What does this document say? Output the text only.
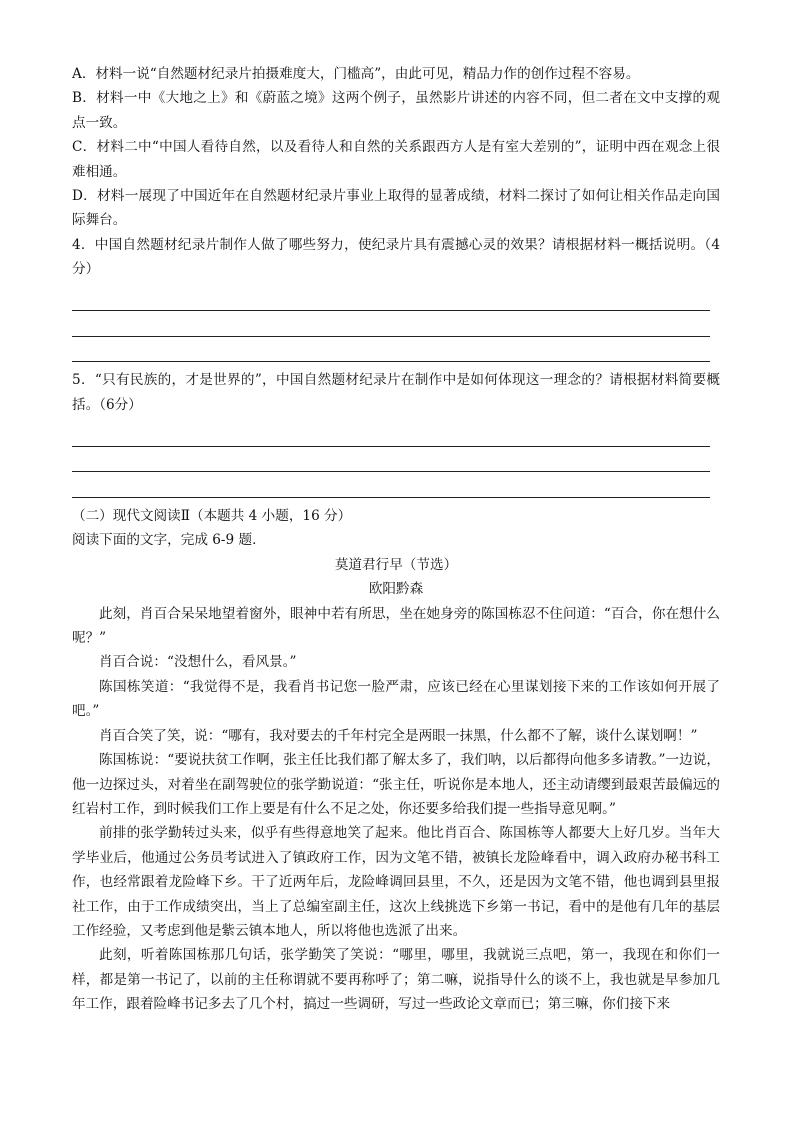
A．材料一说“自然题材纪录片拍摄难度大，门槛高”，由此可见，精品力作的创作过程不容易。

B．材料一中《大地之上》和《蔚蓝之境》这两个例子，虽然影片讲述的内容不同，但二者在文中支撑的观点一致。

C．材料二中“中国人看待自然，以及看待人和自然的关系跟西方人是有室大差别的”，证明中西在观念上很难相通。

D．材料一展现了中国近年在自然题材纪录片事业上取得的显著成绩，材料二探讨了如何让相关作品走向国际舞台。

4．中国自然题材纪录片制作人做了哪些努力，使纪录片具有震撼心灵的效果？请根据材料一概括说明。（4分）

5．“只有民族的，才是世界的”，中国自然题材纪录片在制作中是如何体现这一理念的？请根据材料简要概括。（6分）

（二）现代文阅读Ⅱ（本题共 4 小题，16 分）

阅读下面的文字，完成 6-9 题．

莫道君行早（节选）

欧阳黔森

此刻，肖百合呆呆地望着窗外，眼神中若有所思，坐在她身旁的陈国栋忍不住问道：“百合，你在想什么呢？”

肖百合说：“没想什么，看风景。”

陈国栋笑道：“我觉得不是，我看肖书记您一脸严肃，应该已经在心里谋划接下来的工作该如何开展了吧。”

肖百合笑了笑，说：“哪有，我对要去的千年村完全是两眼一抹黑，什么都不了解，谈什么谋划啊！”

陈国栋说：“要说扶贫工作啊，张主任比我们都了解太多了，我们呐，以后都得向他多多请教。”一边说，他一边探过头，对着坐在副驾驶位的张学勤说道：“张主任，听说你是本地人，还主动请缨到最艰苦最偏远的红岩村工作，到时候我们工作上要是有什么不足之处，你还要多给我们提一些指导意见啊。”

前排的张学勤转过头来，似乎有些得意地笑了起来。他比肖百合、陈国栋等人都要大上好几岁。当年大学毕业后，他通过公务员考试进入了镇政府工作，因为文笔不错，被镇长龙险峰看中，调入政府办秘书科工作，也经常跟着龙险峰下乡。干了近两年后，龙险峰调回县里，不久，还是因为文笔不错，他也调到县里报社工作，由于工作成绩突出，当上了总编室副主任，这次上线挑选下乡第一书记，看中的是他有几年的基层工作经验，又考虑到他是紫云镇本地人，所以将他也选派了出来。

此刻，听着陈国栋那几句话，张学勤笑了笑说：“哪里，哪里，我就说三点吧，第一，我现在和你们一样，都是第一书记了，以前的主任称谓就不要再称呼了；第二嘛，说指导什么的谈不上，我也就是早参加几年工作，跟着险峰书记多去了几个村，搞过一些调研，写过一些政论文章而已；第三嘛，你们接下来
